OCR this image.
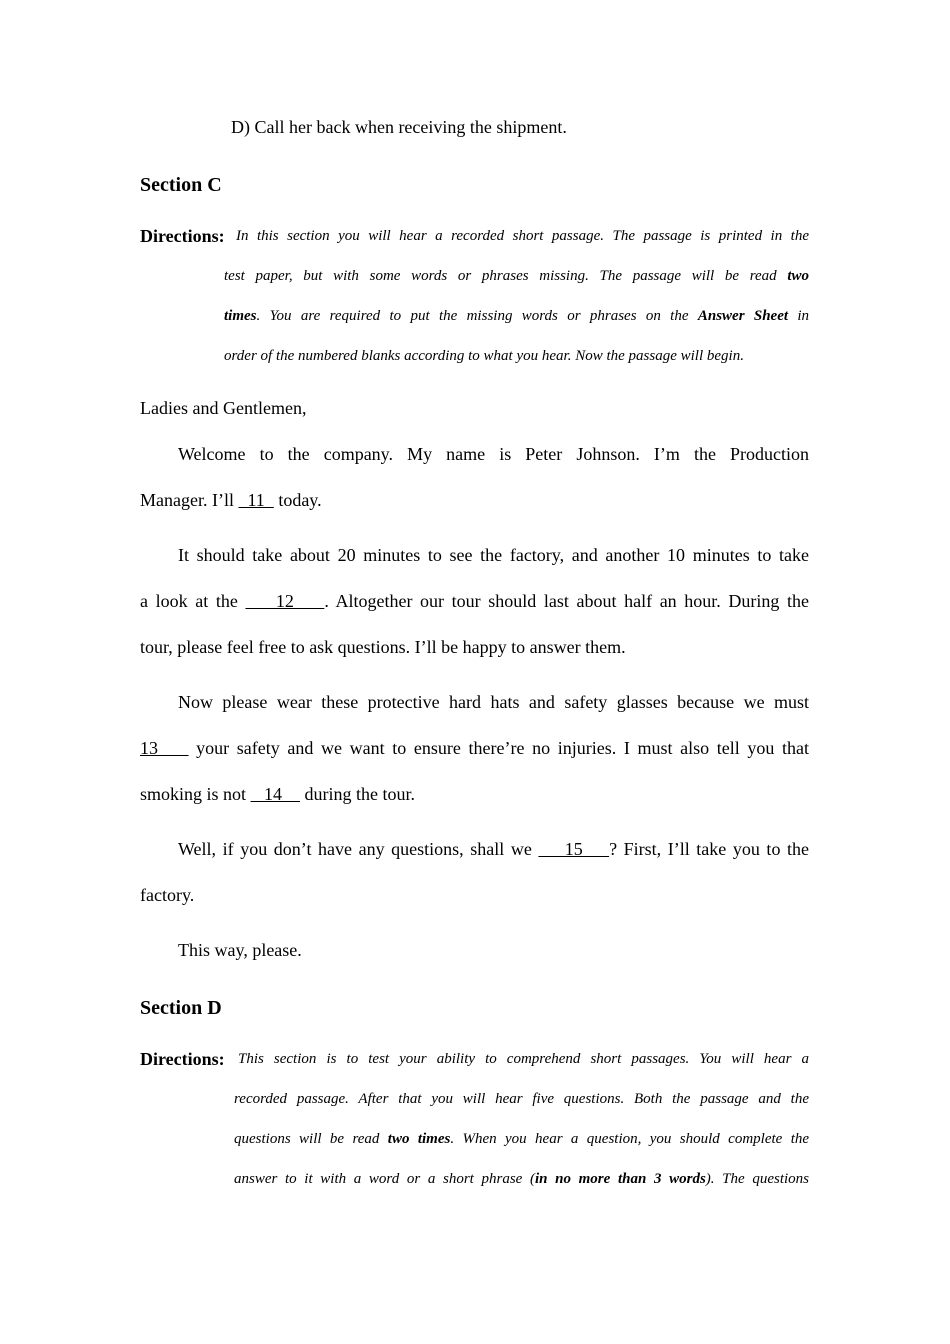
D) Call her back when receiving the shipment.
Section C
Directions: In this section you will hear a recorded short passage. The passage is printed in the
test paper, but with some words or phrases missing. The passage will be read two
times. You are required to put the missing words or phrases on the Answer Sheet in
order of the numbered blanks according to what you hear. Now the passage will begin.
Ladies and Gentlemen,
Welcome to the company. My name is Peter Johnson. I’m the Production
Manager. I’ll   11   today.
It should take about 20 minutes to see the factory, and another 10 minutes to take
a look at the     12    . Altogether our tour should last about half an hour. During the
tour, please feel free to ask questions. I’ll be happy to answer them.
Now please wear these protective hard hats and safety glasses because we must
13     your safety and we want to ensure there’re no injuries. I must also tell you that
smoking is not    14     during the tour.
Well, if you don’t have any questions, shall we     15    ? First, I’ll take you to the
factory.
This way, please.
Section D
Directions: This section is to test your ability to comprehend short passages. You will hear a
recorded passage. After that you will hear five questions. Both the passage and the
questions will be read two times. When you hear a question, you should complete the
answer to it with a word or a short phrase (in no more than 3 words). The questions
